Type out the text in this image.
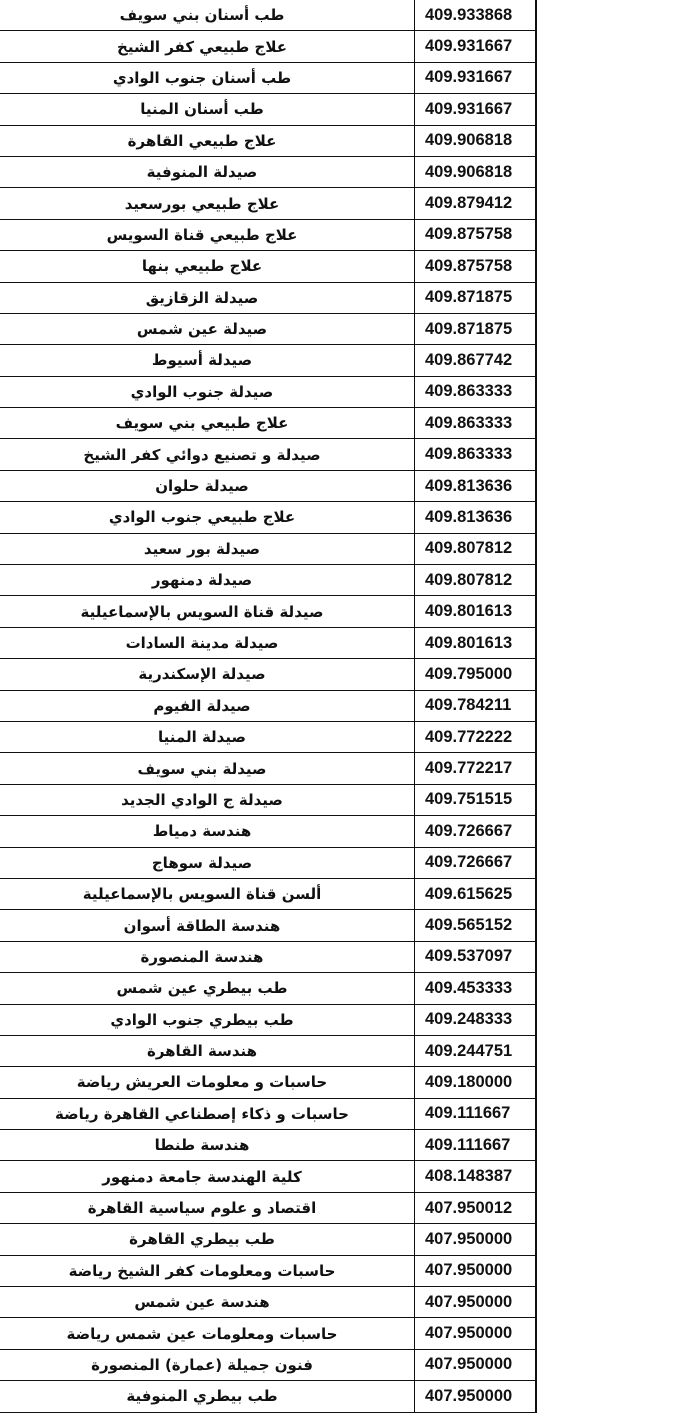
طب أسنان بني سويف	409.933868
علاج طبيعي كفر الشيخ	409.931667
طب أسنان جنوب الوادي	409.931667
طب أسنان المنيا	409.931667
علاج طبيعي القاهرة	409.906818
صيدلة المنوفية	409.906818
علاج طبيعي بورسعيد	409.879412
علاج طبيعي قناة السويس	409.875758
علاج طبيعي بنها	409.875758
صيدلة الزقازيق	409.871875
صيدلة عين شمس	409.871875
صيدلة أسيوط	409.867742
صيدلة جنوب الوادي	409.863333
علاج طبيعي بني سويف	409.863333
صيدلة و تصنيع دوائي كفر الشيخ	409.863333
صيدلة حلوان	409.813636
علاج طبيعي جنوب الوادي	409.813636
صيدلة بور سعيد	409.807812
صيدلة دمنهور	409.807812
صيدلة قناة السويس بالإسماعيلية	409.801613
صيدلة مدينة السادات	409.801613
صيدلة الإسكندرية	409.795000
صيدلة الفيوم	409.784211
صيدلة المنيا	409.772222
صيدلة بني سويف	409.772217
صيدلة ج الوادي الجديد	409.751515
هندسة دمياط	409.726667
صيدلة سوهاج	409.726667
ألسن قناة السويس بالإسماعيلية	409.615625
هندسة الطاقة أسوان	409.565152
هندسة المنصورة	409.537097
طب بيطري عين شمس	409.453333
طب بيطري جنوب الوادي	409.248333
هندسة القاهرة	409.244751
حاسبات و معلومات العريش رياضة	409.180000
حاسبات و ذكاء إصطناعي القاهرة رياضة	409.111667
هندسة طنطا	409.111667
كلية الهندسة جامعة دمنهور	408.148387
اقتصاد و علوم سياسية القاهرة	407.950012
طب بيطري القاهرة	407.950000
حاسبات ومعلومات كفر الشيخ رياضة	407.950000
هندسة عين شمس	407.950000
حاسبات ومعلومات عين شمس رياضة	407.950000
فنون جميلة (عمارة) المنصورة	407.950000
طب بيطري المنوفية	407.950000
